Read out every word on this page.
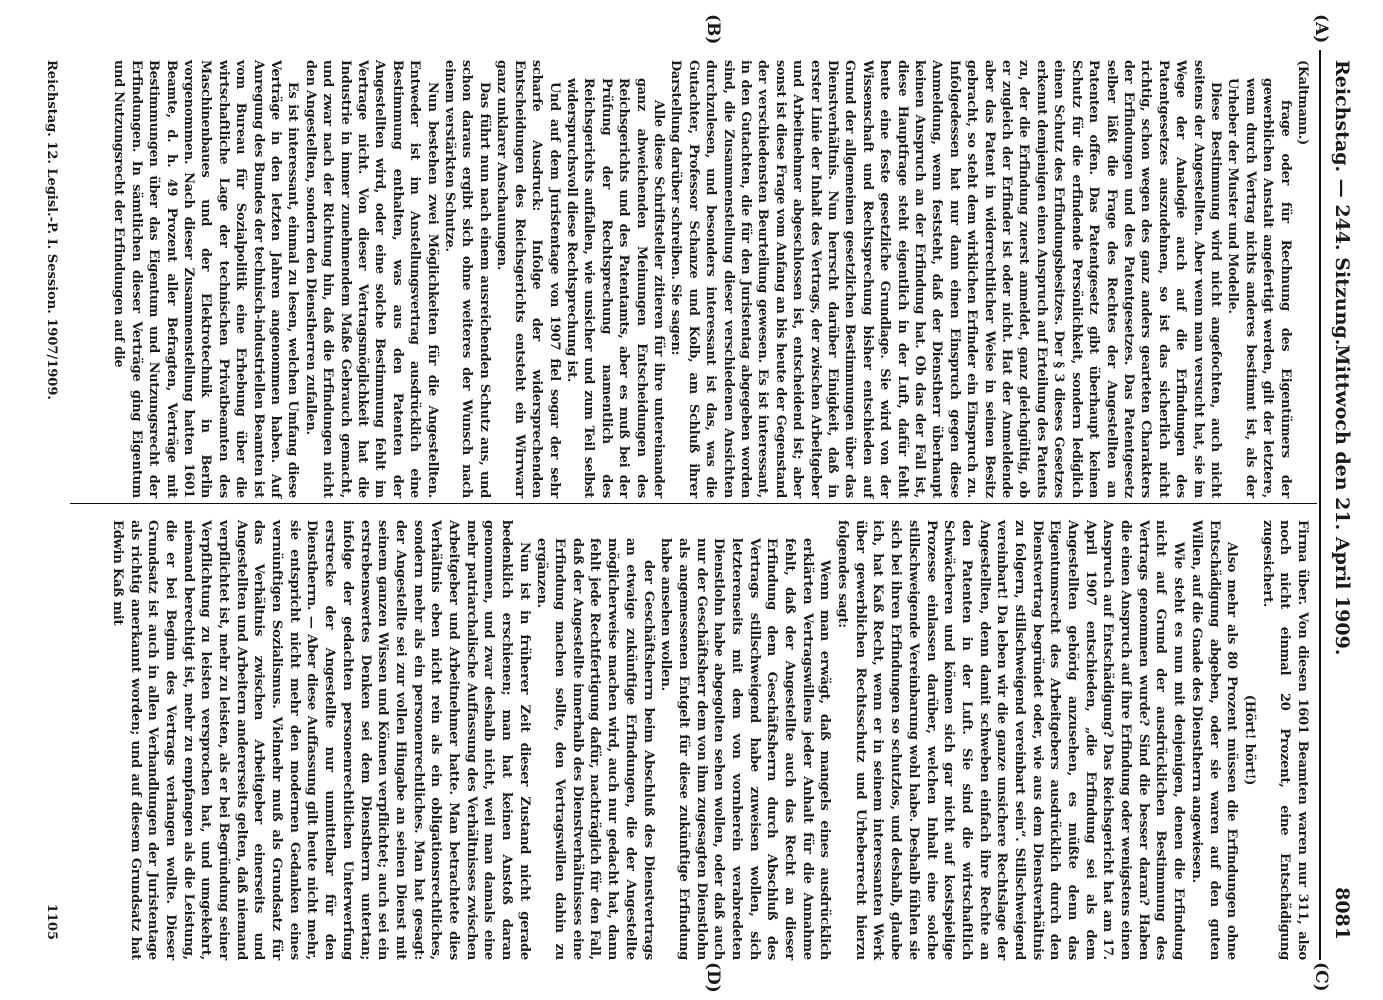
Reichstag. — 244. Sitzung.
Mittwoch den 21. April 1909.
8081
(A)
(B)
(C)
(D)

(Kaltmann.)

frage oder für Rechnung des Eigentümers der gewerblichen Anstalt angefertigt werden, gilt der letztere, wenn durch Vertrag nichts anderes bestimmt ist, als der Urheber der Muster und Modelle.

Diese Bestimmung wird nicht angefochten, auch nicht seitens der Angestellten. Aber wenn man versucht hat, sie im Wege der Analogie auch auf die Erfindungen des Patentgesetzes auszudehnen, so ist das sicherlich nicht richtig, schon wegen des ganz anders gearteten Charakters der Erfindungen und des Patentgesetzes. Das Patentgesetz selber läßt die Frage des Rechtes der Angestellten an Patenten offen. Das Patentgesetz gibt überhaupt keinen Schutz für die erfindende Persönlichkeit, sondern lediglich einen Schutz des Erfindungsbesitzes. Der § 3 dieses Gesetzes erkennt demjenigen einen Anspruch auf Erteilung des Patents zu, der die Erfindung zuerst anmeldet, ganz gleichgültig, ob er zugleich der Erfinder ist oder nicht. Hat der Anmeldende aber das Patent in widerrechtlicher Weise in seinen Besitz gebracht, so steht dem wirklichen Erfinder ein Einspruch zu. Infolgedessen hat nur dann einen Einspruch gegen diese Anmeldung, wenn feststeht, daß der Dienstherr überhaupt keinen Anspruch an der Erfindung hat. Ob das der Fall ist, diese Hauptfrage steht eigentlich in der Luft, dafür fehlt heute eine feste gesetzliche Grundlage. Sie wird von der Wissenschaft und Rechtsprechung bisher entschieden auf Grund der allgemeinen gesetzlichen Bestimmungen über das Dienstverhältnis. Nun herrscht darüber Einigkeit, daß in erster Linie der Inhalt des Vertrags, der zwischen Arbeitgeber und Arbeitnehmer abgeschlossen ist, entscheidend ist; aber sonst ist diese Frage vom Anfang an bis heute der Gegenstand der verschiedensten Beurteilung gewesen. Es ist interessant, in den Gutachten, die für den Juristentag abgegeben worden sind, die Zusammenstellung dieser verschiedenen Ansichten durchzulesen, und besonders interessant ist das, was die Gutachter, Professor Schanze und Kolb, am Schluß ihrer Darstellung darüber schreiben. Sie sagen:

Alle diese Schriftsteller zitieren für ihre untereinander ganz abweichenden Meinungen Entscheidungen des Reichsgerichts und des Patentamts, aber es muß bei der Prüfung der Rechtsprechung namentlich des Reichsgerichts auffallen, wie unsicher und zum Teil selbst widerspruchsvoll diese Rechtsprechung ist.

Und auf dem Juristentage von 1907 fiel sogar der sehr scharfe Ausdruck: Infolge der widersprechenden Entscheidungen des Reichsgerichts entsteht ein Wirrwarr ganz unklarer Anschauungen.

Das führt nun nach einem ausreichenden Schutz aus, und schon daraus ergibt sich ohne weiteres der Wunsch nach einem verstärkten Schutze.

Nun bestehen zwei Möglichkeiten für die Angestellten. Entweder ist im Anstellungsvertrag ausdrücklich eine Bestimmung enthalten, was aus den Patenten der Angestellten wird, oder eine solche Bestimmung fehlt im Vertrage nicht. Von dieser Vertragsmöglichkeit hat die Industrie in immer zunehmendem Maße Gebrauch gemacht, und zwar nach der Richtung hin, daß die Erfindungen nicht den Angestellten, sondern den Dienstherren zufallen.

Es ist interessant, einmal zu lesen, welchen Umfang diese Verträge in den letzten Jahren angenommen haben. Auf Anregung des Bundes der technisch-industriellen Beamten ist vom Bureau für Sozialpolitik eine Erhebung über die wirtschaftliche Lage der technischen Privatbeamten des Maschinenbaues und der Elektrotechnik in Berlin vorgenommen. Nach dieser Zusammenstellung hatten 1601 Beamte, d. h. 49 Prozent aller Befragten, Verträge mit Bestimmungen über das Eigentum und Nutzungsrecht der Erfindungen. In sämtlichen dieser Verträge ging Eigentum und Nutzungsrecht der Erfindungen auf die

Firma über. Von diesen 1601 Beamten waren nur 311, also noch nicht einmal 20 Prozent, eine Entschädigung zugesichert.

(Hört! hört!)

Also mehr als 80 Prozent müssen die Erfindungen ohne Entschädigung abgeben, oder sie waren auf den guten Willen, auf die Gnade des Dienstherrn angewiesen.

Wie steht es nun mit denjenigen, denen die Erfindung nicht auf Grund der ausdrücklichen Bestimmung des Vertrags genommen wurde? Sind die besser daran? Haben die einen Anspruch auf ihre Erfindung oder wenigstens einen Anspruch auf Entschädigung? Das Reichsgericht hat am 17. April 1907 entschieden, „die Erfindung sei als dem Angestellten gehörig anzusehen, es müßte denn das Eigentumsrecht des Arbeitgebers ausdrücklich durch den Dienstvertrag begründet oder, wie aus dem Dienstverhältnis zu folgern, stillschweigend vereinbart sein“. Stillschweigend vereinbart! Da leben wir die ganze unsichere Rechtslage der Angestellten, denn damit schweben einfach ihre Rechte an den Patenten in der Luft. Sie sind die wirtschaftlich Schwächeren und können sich gar nicht auf kostspielige Prozesse einlassen darüber, welchen Inhalt eine solche stillschweigende Vereinbarung wohl habe. Deshalb fühlen sie sich bei ihren Erfindungen so schutzlos, und deshalb, glaube ich, hat Kaß Recht, wenn er in seinem interessanten Werk über gewerblichen Rechtsschutz und Urheberrecht hierzu folgendes sagt:

Wenn man erwägt, daß mangels eines ausdrücklich erklärten Vertragswillens jeder Anhalt für die Annahme fehlt, daß der Angestellte auch das Recht an dieser Erfindung dem Geschäftsherrn durch Abschluß des Vertrags stillschweigend habe zuweisen wollen, sich letzterenseits mit dem von vornherein verabredeten Dienstlohn habe abgegolten sehen wollen, oder daß auch nur der Geschäftsherr dem von ihm zugesagten Dienstlohn als angemessenen Entgelt für diese zukünftige Erfindung habe ansehen wollen.

der Geschäftsherrn beim Abschluß des Dienstvertrags an etwaige zukünftige Erfindungen, die der Angestellte möglicherweise machen wird, auch nur gedacht hat, dann fehlt jede Rechtfertigung dafür, nachträglich für den Fall, daß der Angestellte innerhalb des Dienstverhältnisses eine Erfindung machen sollte, den Vertragswillen dahin zu ergänzen.

Nun ist in früherer Zeit dieser Zustand nicht gerade bedenklich erschienen; man hat keinen Anstoß daran genommen, und zwar deshalb nicht, weil man damals eine mehr patriarchalische Auffassung des Verhältnisses zwischen Arbeitgeber und Arbeitnehmer hatte. Man betrachtete dies Verhältnis eben nicht rein als ein obligationsrechtliches, sondern mehr als ein personenrechtliches. Man hat gesagt: der Angestellte sei zur vollen Hingabe an seinen Dienst mit seinem ganzen Wissen und Können verpflichtet; auch sei ein erstrebenswertes Denken sei dem Dienstherrn untertan; infolge der gedachten personenrechtlichen Unterwerfung erstrecke der Angestellte nur unmittelbar für den Dienstherrn. — Aber diese Auffassung gilt heute nicht mehr, sie entspricht nicht mehr den modernen Gedanken eines vernünftigen Sozialismus. Vielmehr muß als Grundsatz für das Verhältnis zwischen Arbeitgeber einerseits und Angestellten und Arbeitern andererseits gelten, daß niemand verpflichtet ist, mehr zu leisten, als er bei Begründung seiner Verpflichtung zu leisten versprochen hat, und umgekehrt, niemand berechtigt ist, mehr zu empfangen als die Leistung, die er bei Beginn des Vertrags verlangen wollte. Dieser Grundsatz ist auch in allen Verhandlungen der Juristentage als richtig anerkannt worden; und auf diesem Grundsatz hat Edwin Kaß mit

Reichstag. 12. Legisl.-P. I. Session. 1907/1909.
1105
